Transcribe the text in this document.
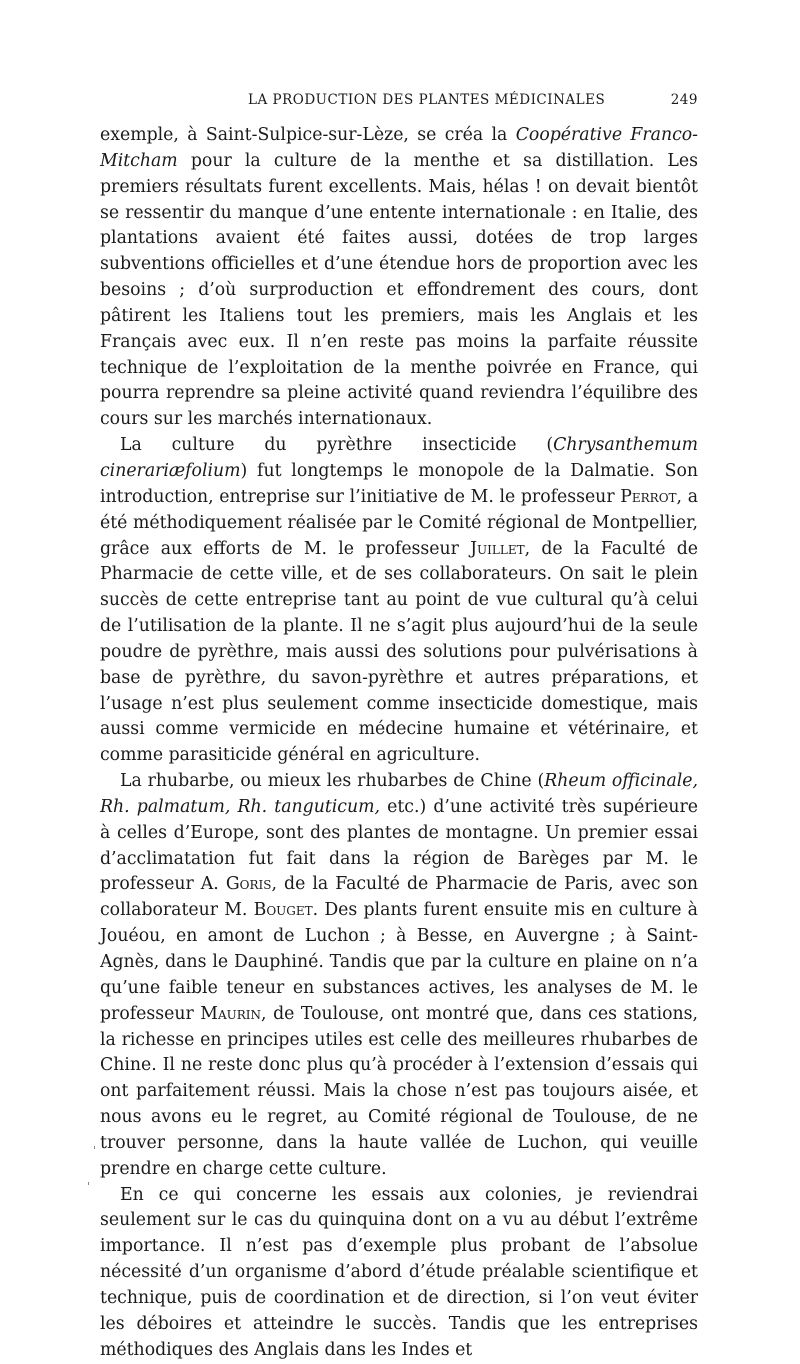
LA PRODUCTION DES PLANTES MÉDICINALES	249

exemple, à Saint-Sulpice-sur-Lèze, se créa la Coopérative Franco-Mitcham pour la culture de la menthe et sa distillation. Les premiers résultats furent excellents. Mais, hélas ! on devait bientôt se ressentir du manque d’une entente internationale : en Italie, des plantations avaient été faites aussi, dotées de trop larges subventions officielles et d’une étendue hors de proportion avec les besoins ; d’où surproduction et effondrement des cours, dont pâtirent les Italiens tout les premiers, mais les Anglais et les Français avec eux. Il n’en reste pas moins la parfaite réussite technique de l’exploitation de la menthe poivrée en France, qui pourra reprendre sa pleine activité quand reviendra l’équilibre des cours sur les marchés internationaux.

La culture du pyrèthre insecticide (Chrysanthemum cinerariæfolium) fut longtemps le monopole de la Dalmatie. Son introduction, entreprise sur l’initiative de M. le professeur Perrot, a été méthodiquement réalisée par le Comité régional de Montpellier, grâce aux efforts de M. le professeur Juillet, de la Faculté de Pharmacie de cette ville, et de ses collaborateurs. On sait le plein succès de cette entreprise tant au point de vue cultural qu’à celui de l’utilisation de la plante. Il ne s’agit plus aujourd’hui de la seule poudre de pyrèthre, mais aussi des solutions pour pulvérisations à base de pyrèthre, du savon-pyrèthre et autres préparations, et l’usage n’est plus seulement comme insecticide domestique, mais aussi comme vermicide en médecine humaine et vétérinaire, et comme parasiticide général en agriculture.

La rhubarbe, ou mieux les rhubarbes de Chine (Rheum officinale, Rh. palmatum, Rh. tanguticum, etc.) d’une activité très supérieure à celles d’Europe, sont des plantes de montagne. Un premier essai d’acclimatation fut fait dans la région de Barèges par M. le professeur A. Goris, de la Faculté de Pharmacie de Paris, avec son collaborateur M. Bouget. Des plants furent ensuite mis en culture à Jouéou, en amont de Luchon ; à Besse, en Auvergne ; à Saint-Agnès, dans le Dauphiné. Tandis que par la culture en plaine on n’a qu’une faible teneur en substances actives, les analyses de M. le professeur Maurin, de Toulouse, ont montré que, dans ces stations, la richesse en principes utiles est celle des meilleures rhubarbes de Chine. Il ne reste donc plus qu’à procéder à l’extension d’essais qui ont parfaitement réussi. Mais la chose n’est pas toujours aisée, et nous avons eu le regret, au Comité régional de Toulouse, de ne trouver personne, dans la haute vallée de Luchon, qui veuille prendre en charge cette culture.

En ce qui concerne les essais aux colonies, je reviendrai seulement sur le cas du quinquina dont on a vu au début l’extrême importance. Il n’est pas d’exemple plus probant de l’absolue nécessité d’un organisme d’abord d’étude préalable scientifique et technique, puis de coordination et de direction, si l’on veut éviter les déboires et atteindre le succès. Tandis que les entreprises méthodiques des Anglais dans les Indes et
